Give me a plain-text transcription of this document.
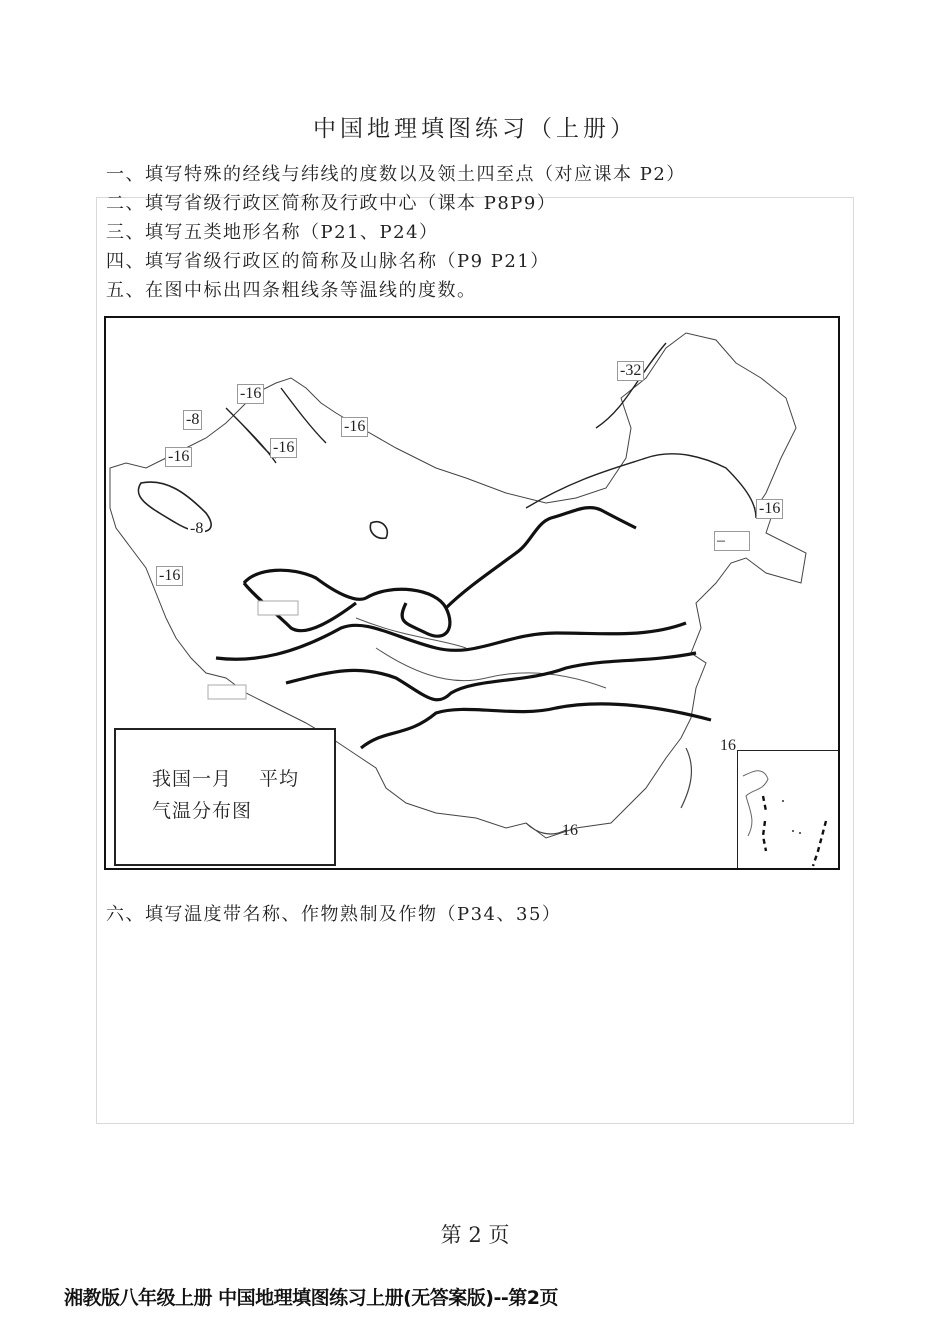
中国地理填图练习（上册）
一、填写特殊的经线与纬线的度数以及领土四至点（对应课本 P2）
二、填写省级行政区简称及行政中心（课本 P8P9）
三、填写五类地形名称（P21、P24）
四、填写省级行政区的简称及山脉名称（P9 P21）
五、在图中标出四条粗线条等温线的度数。
-32
-16
-8	-16
-16
-16
-8
-16
-16
–
16
16
我国一月　 平均
气温分布图
六、填写温度带名称、作物熟制及作物（P34、35）
第 2 页
湘教版八年级上册 中国地理填图练习上册(无答案版)--第2页
